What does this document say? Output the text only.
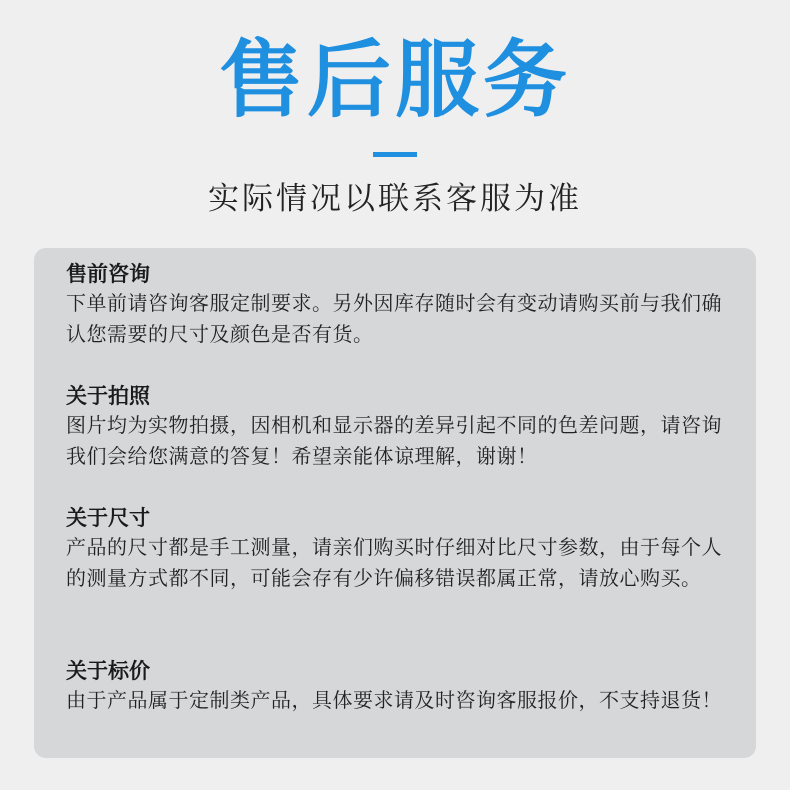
售后服务
实际情况以联系客服为准
售前咨询
下单前请咨询客服定制要求。另外因库存随时会有变动请购买前与我们确认您需要的尺寸及颜色是否有货。
关于拍照
图片均为实物拍摄，因相机和显示器的差异引起不同的色差问题，请咨询我们会给您满意的答复！希望亲能体谅理解，谢谢！
关于尺寸
产品的尺寸都是手工测量，请亲们购买时仔细对比尺寸参数，由于每个人的测量方式都不同，可能会存有少许偏移错误都属正常，请放心购买。
关于标价
由于产品属于定制类产品，具体要求请及时咨询客服报价，不支持退货！
